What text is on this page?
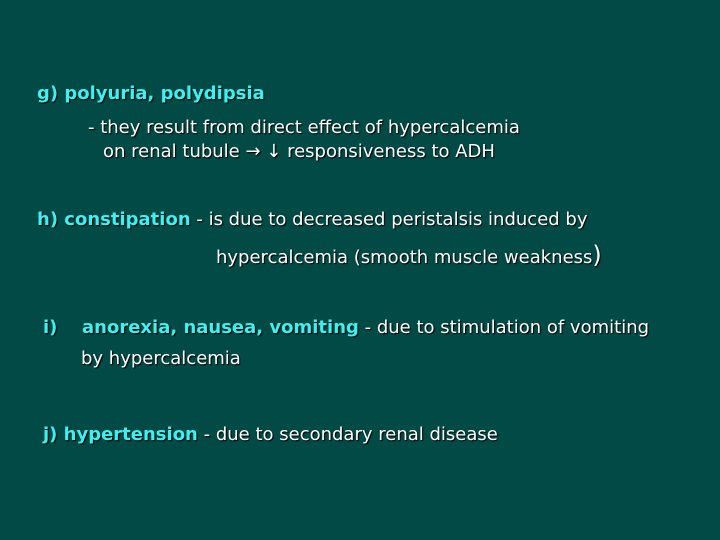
g) polyuria, polydipsia
- they result from direct effect of hypercalcemia
on renal tubule → ↓ responsiveness to ADH
h) constipation - is due to decreased peristalsis induced by
hypercalcemia (smooth muscle weakness)
i) anorexia, nausea, vomiting - due to stimulation of vomiting
by hypercalcemia
j) hypertension - due to secondary renal disease
